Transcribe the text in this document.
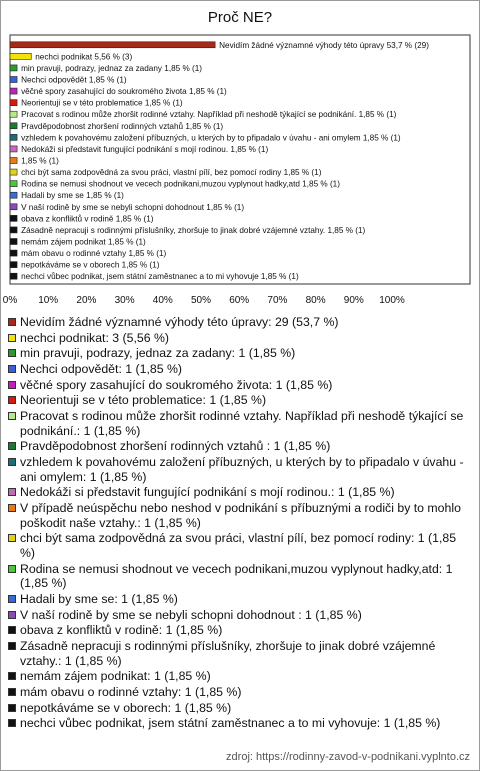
Proč NE?
Nevidím žádné významné výhody této úpravy 53,7 % (29)
nechci podnikat 5,56 % (3)
min pravuji, podrazy, jednaz za zadany 1,85 % (1)
Nechci odpovědět 1,85 % (1)
věčné spory zasahující do soukromého života 1,85 % (1)
Neorientuji se v této problematice 1,85 % (1)
Pracovat s rodinou může zhoršit rodinné vztahy. Například při neshodě týkající se podnikání. 1,85 % (1)
Pravděpodobnost zhoršení rodinných vztahů 1,85 % (1)
vzhledem k povahovému založení příbuzných, u kterých by to připadalo v úvahu - ani omylem 1,85 % (1)
Nedokáži si představit fungující podnikání s mojí rodinou. 1,85 % (1)
1,85 % (1)
chci být sama zodpovědná za svou práci, vlastní pílí, bez pomocí rodiny 1,85 % (1)
Rodina se nemusi shodnout ve vecech podnikani,muzou vyplynout hadky,atd 1,85 % (1)
Hadali by sme se 1,85 % (1)
V naší rodině by sme se nebyli schopni dohodnout 1,85 % (1)
obava z konfliktů v rodině 1,85 % (1)
Zásadně nepracuji s rodinnými příslušníky, zhoršuje to jinak dobré vzájemné vztahy. 1,85 % (1)
nemám zájem podnikat 1,85 % (1)
mám obavu o rodinné vztahy 1,85 % (1)
nepotkáváme se v oborech 1,85 % (1)
nechci vůbec podnikat, jsem státní zaměstnanec a to mi vyhovuje 1,85 % (1)
0% 10% 20% 30% 40% 50% 60% 70% 80% 90% 100%
Nevidím žádné významné výhody této úpravy: 29 (53,7 %)
nechci podnikat: 3 (5,56 %)
min pravuji, podrazy, jednaz za zadany: 1 (1,85 %)
Nechci odpovědět: 1 (1,85 %)
věčné spory zasahující do soukromého života: 1 (1,85 %)
Neorientuji se v této problematice: 1 (1,85 %)
Pracovat s rodinou může zhoršit rodinné vztahy. Například při neshodě týkající se podnikání.: 1 (1,85 %)
Pravděpodobnost zhoršení rodinných vztahů : 1 (1,85 %)
vzhledem k povahovému založení příbuzných, u kterých by to připadalo v úvahu - ani omylem: 1 (1,85 %)
Nedokáži si představit fungující podnikání s mojí rodinou.: 1 (1,85 %)
V případě neúspěchu nebo neshod v podnikání s příbuznými a rodiči by to mohlo poškodit naše vztahy.: 1 (1,85 %)
chci být sama zodpovědná za svou práci, vlastní pílí, bez pomocí rodiny: 1 (1,85 %)
Rodina se nemusi shodnout ve vecech podnikani,muzou vyplynout hadky,atd: 1 (1,85 %)
Hadali by sme se: 1 (1,85 %)
V naší rodině by sme se nebyli schopni dohodnout : 1 (1,85 %)
obava z konfliktů v rodině: 1 (1,85 %)
Zásadně nepracuji s rodinnými příslušníky, zhoršuje to jinak dobré vzájemné vztahy.: 1 (1,85 %)
nemám zájem podnikat: 1 (1,85 %)
mám obavu o rodinné vztahy: 1 (1,85 %)
nepotkáváme se v oborech: 1 (1,85 %)
nechci vůbec podnikat, jsem státní zaměstnanec a to mi vyhovuje: 1 (1,85 %)
zdroj: https://rodinny-zavod-v-podnikani.vyplnto.cz
